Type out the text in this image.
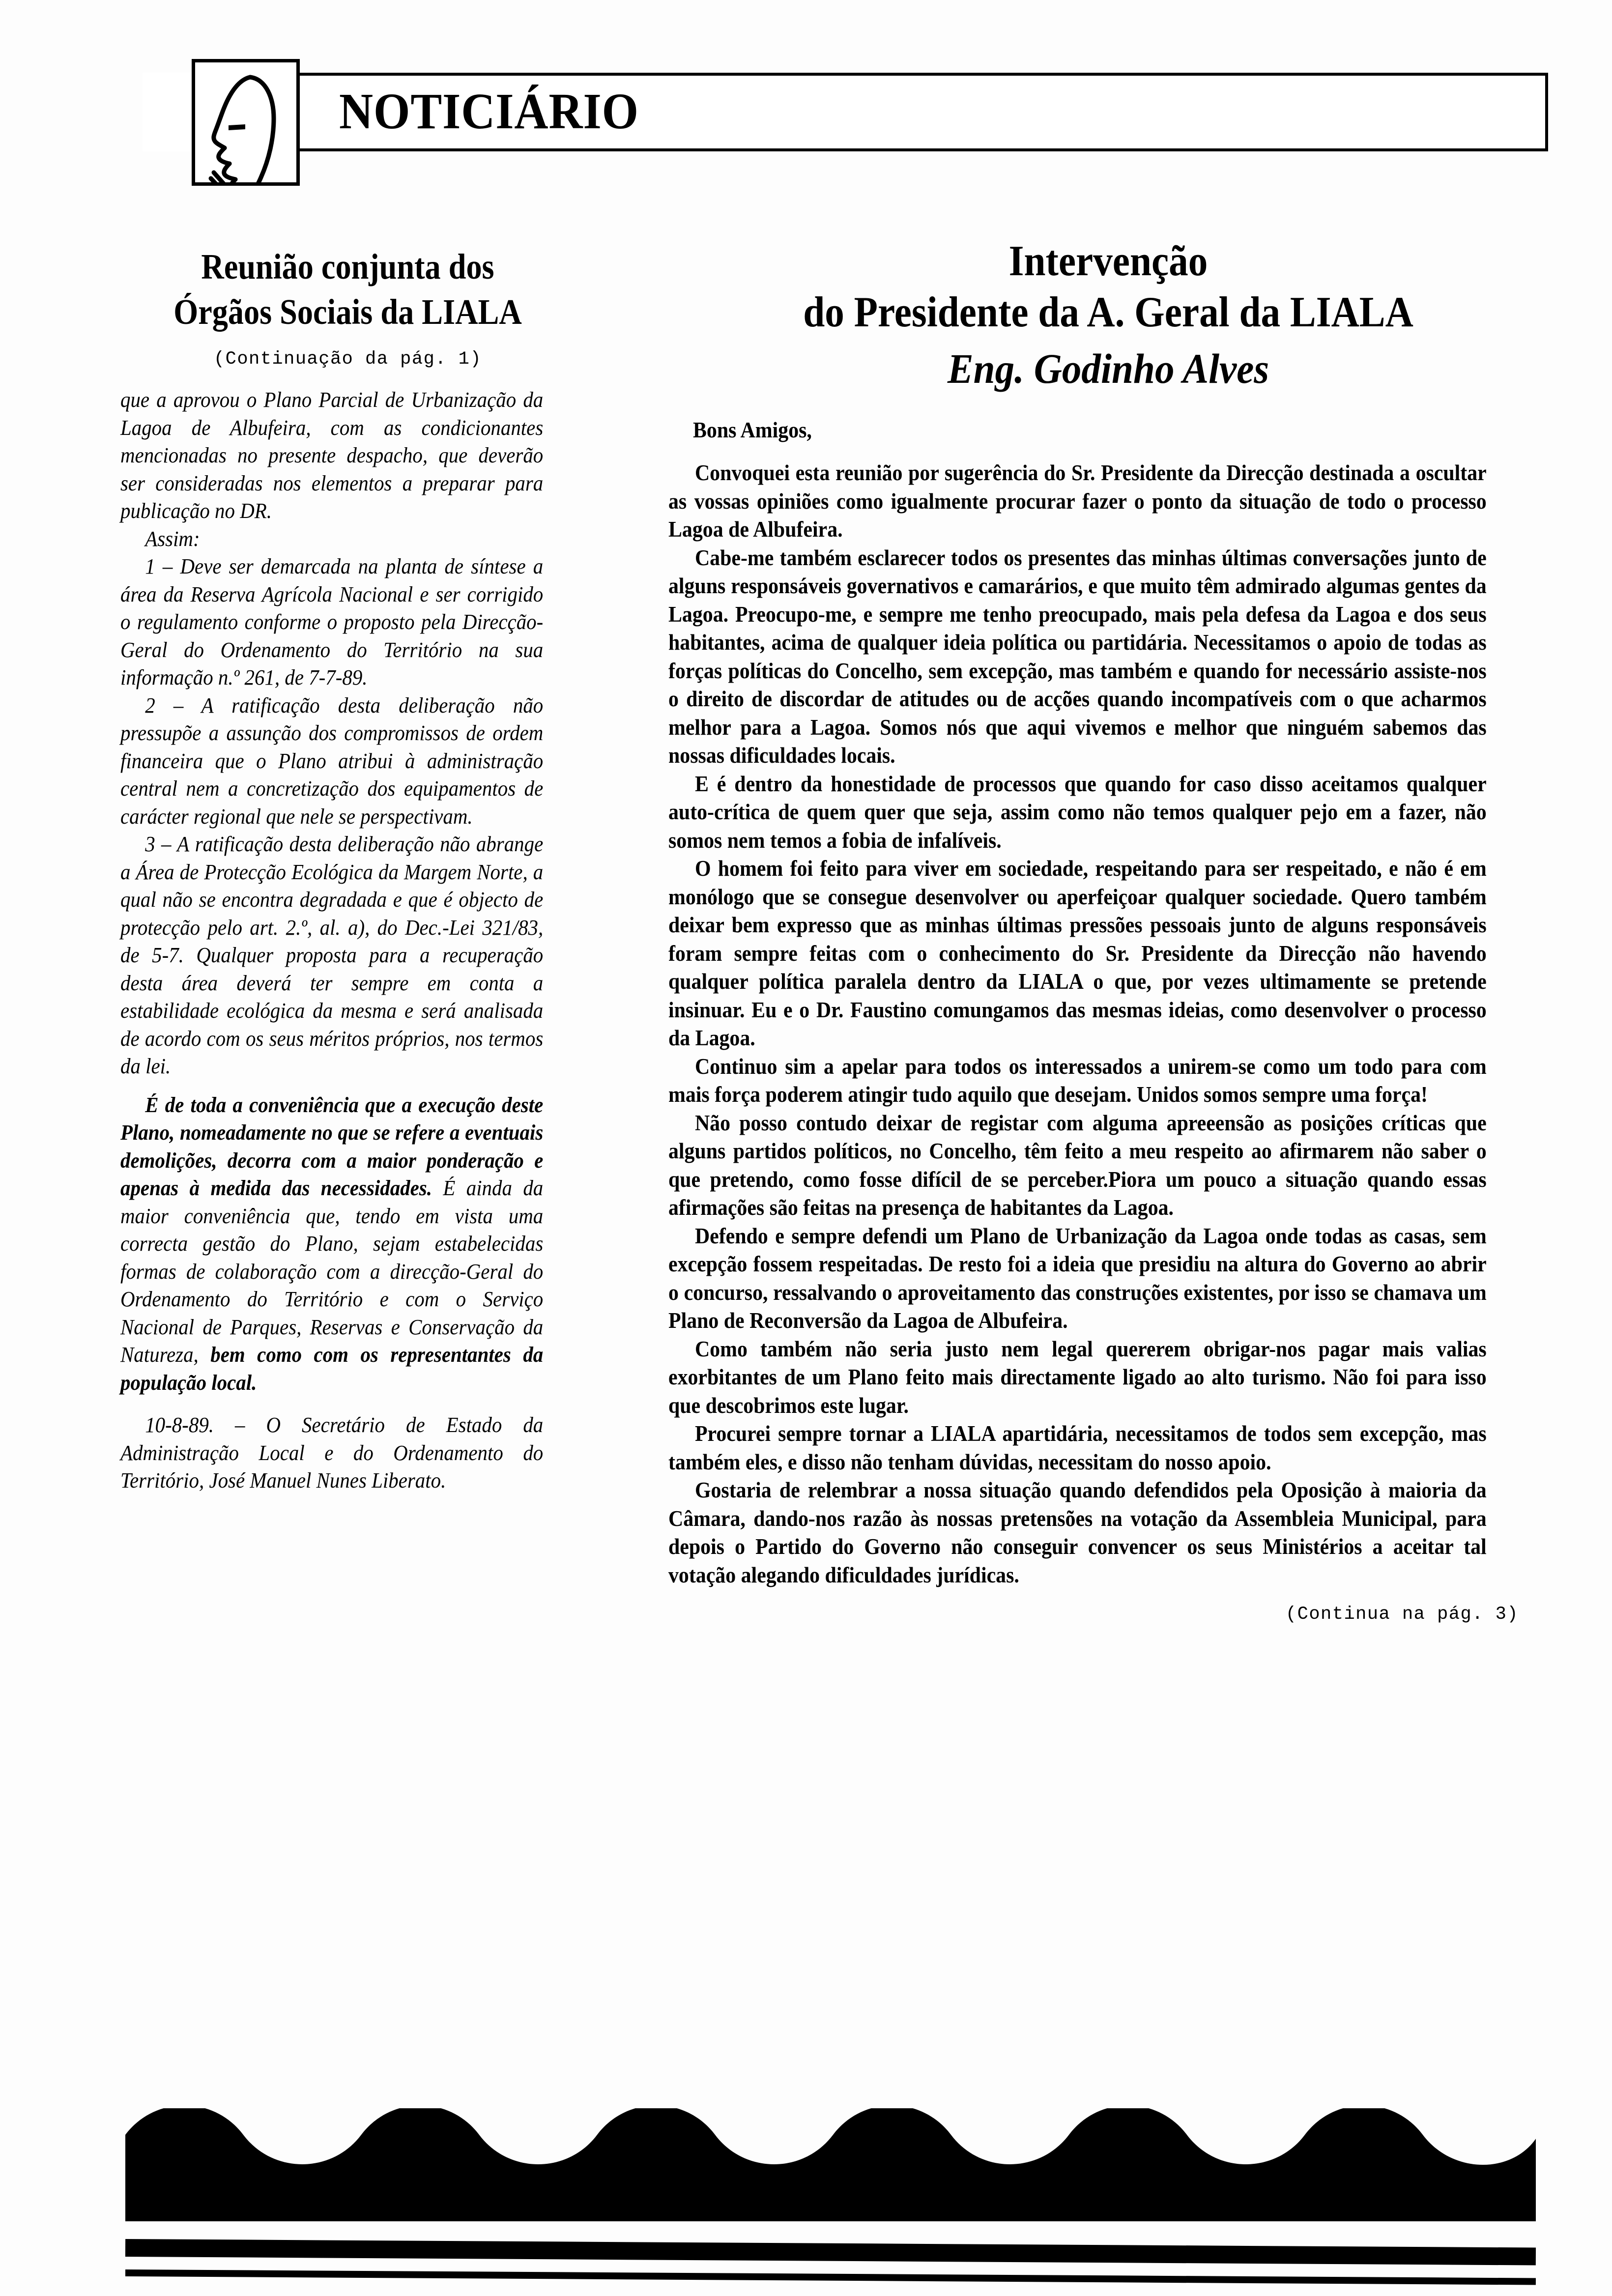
NOTICIÁRIO
Reunião conjunta dos
Órgãos Sociais da LIALA
(Continuação da pág. 1)

que a aprovou o Plano Parcial de Urbanização da Lagoa de Albufeira, com as condicionantes mencionadas no presente despacho, que deverão ser consideradas nos elementos a preparar para publicação no DR.

Assim:

1 – Deve ser demarcada na planta de síntese a área da Reserva Agrícola Nacional e ser corrigido o regulamento conforme o proposto pela Direcção-Geral do Ordenamento do Território na sua informação n.º 261, de 7-7-89.

2 – A ratificação desta deliberação não pressupõe a assunção dos compromissos de ordem financeira que o Plano atribui à administração central nem a concretização dos equipamentos de carácter regional que nele se perspectivam.

3 – A ratificação desta deliberação não abrange a Área de Protecção Ecológica da Margem Norte, a qual não se encontra degradada e que é objecto de protecção pelo art. 2.º, al. a), do Dec.-Lei 321/83, de 5-7. Qualquer proposta para a recuperação desta área deverá ter sempre em conta a estabilidade ecológica da mesma e será analisada de acordo com os seus méritos próprios, nos termos da lei.

É de toda a conveniência que a execução deste Plano, nomeadamente no que se refere a eventuais demolições, decorra com a maior ponderação e apenas à medida das necessidades. É ainda da maior conveniência que, tendo em vista uma correcta gestão do Plano, sejam estabelecidas formas de colaboração com a direcção-Geral do Ordenamento do Território e com o Serviço Nacional de Parques, Reservas e Conservação da Natureza, bem como com os representantes da população local.

10-8-89. – O Secretário de Estado da Administração Local e do Ordenamento do Território, José Manuel Nunes Liberato.

Intervenção
do Presidente da A. Geral da LIALA
Eng. Godinho Alves
Bons Amigos,

Convoquei esta reunião por sugerência do Sr. Presidente da Direcção destinada a oscultar as vossas opiniões como igualmente procurar fazer o ponto da situação de todo o processo Lagoa de Albufeira.

Cabe-me também esclarecer todos os presentes das minhas últimas conversações junto de alguns responsáveis governativos e camarários, e que muito têm admirado algumas gentes da Lagoa. Preocupo-me, e sempre me tenho preocupado, mais pela defesa da Lagoa e dos seus habitantes, acima de qualquer ideia política ou partidária. Necessitamos o apoio de todas as forças políticas do Concelho, sem excepção, mas também e quando for necessário assiste-nos o direito de discordar de atitudes ou de acções quando incompatíveis com o que acharmos melhor para a Lagoa. Somos nós que aqui vivemos e melhor que ninguém sabemos das nossas dificuldades locais.

E é dentro da honestidade de processos que quando for caso disso aceitamos qualquer auto-crítica de quem quer que seja, assim como não temos qualquer pejo em a fazer, não somos nem temos a fobia de infalíveis.

O homem foi feito para viver em sociedade, respeitando para ser respeitado, e não é em monólogo que se consegue desenvolver ou aperfeiçoar qualquer sociedade. Quero também deixar bem expresso que as minhas últimas pressões pessoais junto de alguns responsáveis foram sempre feitas com o conhecimento do Sr. Presidente da Direcção não havendo qualquer política paralela dentro da LIALA o que, por vezes ultimamente se pretende insinuar. Eu e o Dr. Faustino comungamos das mesmas ideias, como desenvolver o processo da Lagoa.

Continuo sim a apelar para todos os interessados a unirem-se como um todo para com mais força poderem atingir tudo aquilo que desejam. Unidos somos sempre uma força!

Não posso contudo deixar de registar com alguma apreeensão as posições críticas que alguns partidos políticos, no Concelho, têm feito a meu respeito ao afirmarem não saber o que pretendo, como fosse difícil de se perceber.Piora um pouco a situação quando essas afirmações são feitas na presença de habitantes da Lagoa.

Defendo e sempre defendi um Plano de Urbanização da Lagoa onde todas as casas, sem excepção fossem respeitadas. De resto foi a ideia que presidiu na altura do Governo ao abrir o concurso, ressalvando o aproveitamento das construções existentes, por isso se chamava um Plano de Reconversão da Lagoa de Albufeira.

Como também não seria justo nem legal quererem obrigar-nos pagar mais valias exorbitantes de um Plano feito mais directamente ligado ao alto turismo. Não foi para isso que descobrimos este lugar.

Procurei sempre tornar a LIALA apartidária, necessitamos de todos sem excepção, mas também eles, e disso não tenham dúvidas, necessitam do nosso apoio.

Gostaria de relembrar a nossa situação quando defendidos pela Oposição à maioria da Câmara, dando-nos razão às nossas pretensões na votação da Assembleia Municipal, para depois o Partido do Governo não conseguir convencer os seus Ministérios a aceitar tal votação alegando dificuldades jurídicas.

(Continua na pág. 3)
